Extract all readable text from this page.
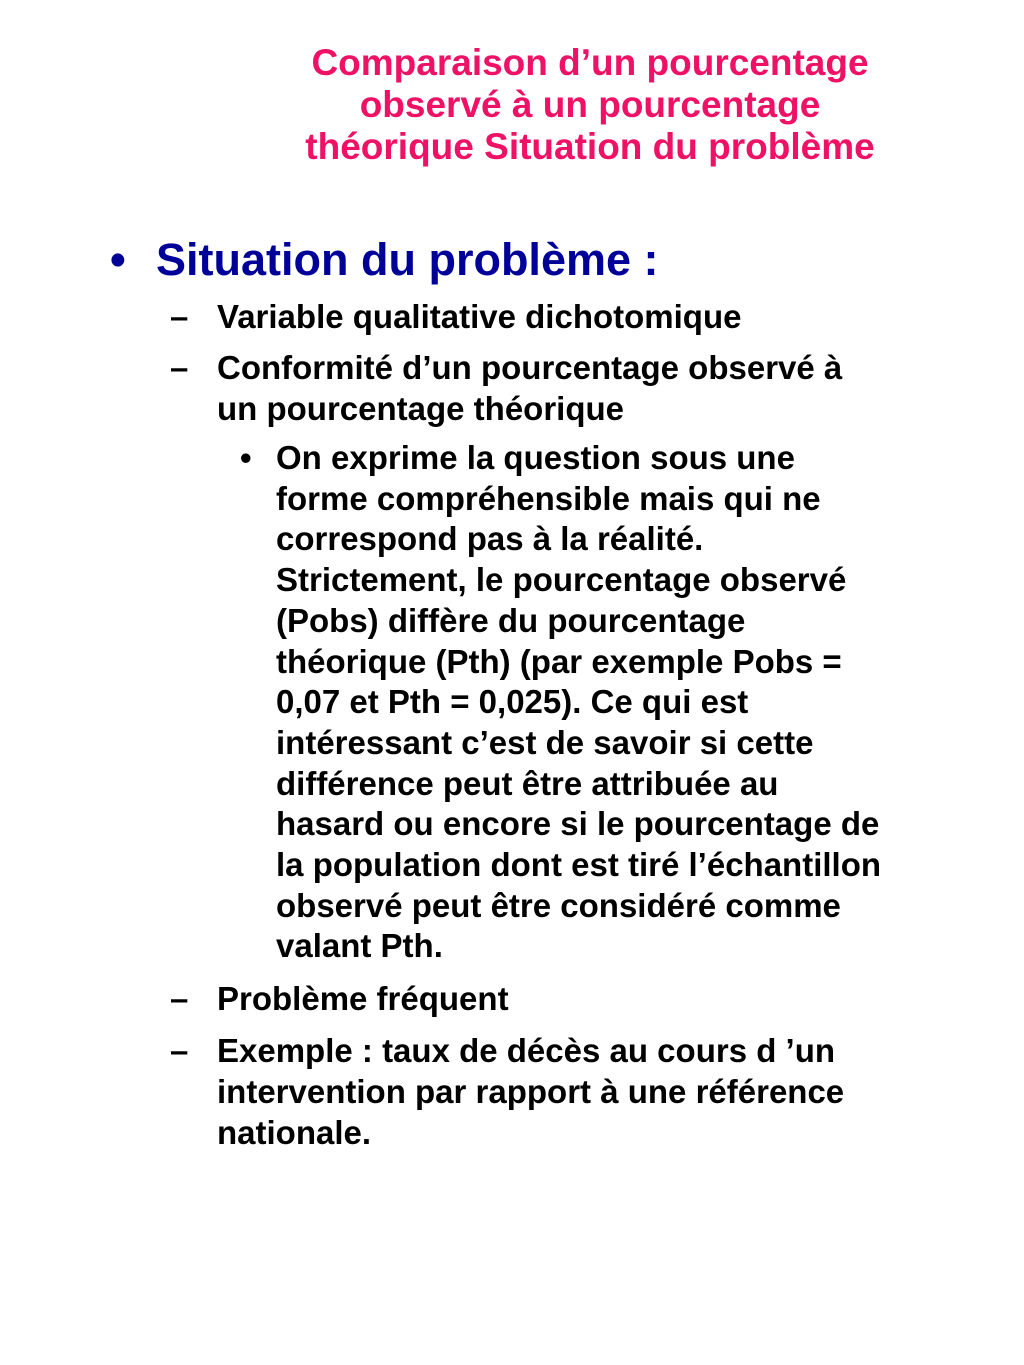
Comparaison d’un pourcentage
observé à un pourcentage
théorique Situation du problème
• Situation du problème :
– Variable qualitative dichotomique
– Conformité d’un pourcentage observé à
un pourcentage théorique
• On exprime la question sous une
forme compréhensible mais qui ne
correspond pas à la réalité.
Strictement, le pourcentage observé
(Pobs) diffère du pourcentage
théorique (Pth) (par exemple Pobs =
0,07 et Pth = 0,025). Ce qui est
intéressant c’est de savoir si cette
différence peut être attribuée au
hasard ou encore si le pourcentage de
la population dont est tiré l’échantillon
observé peut être considéré comme
valant Pth.
– Problème fréquent
– Exemple : taux de décès au cours d ’un
intervention par rapport à une référence
nationale.
